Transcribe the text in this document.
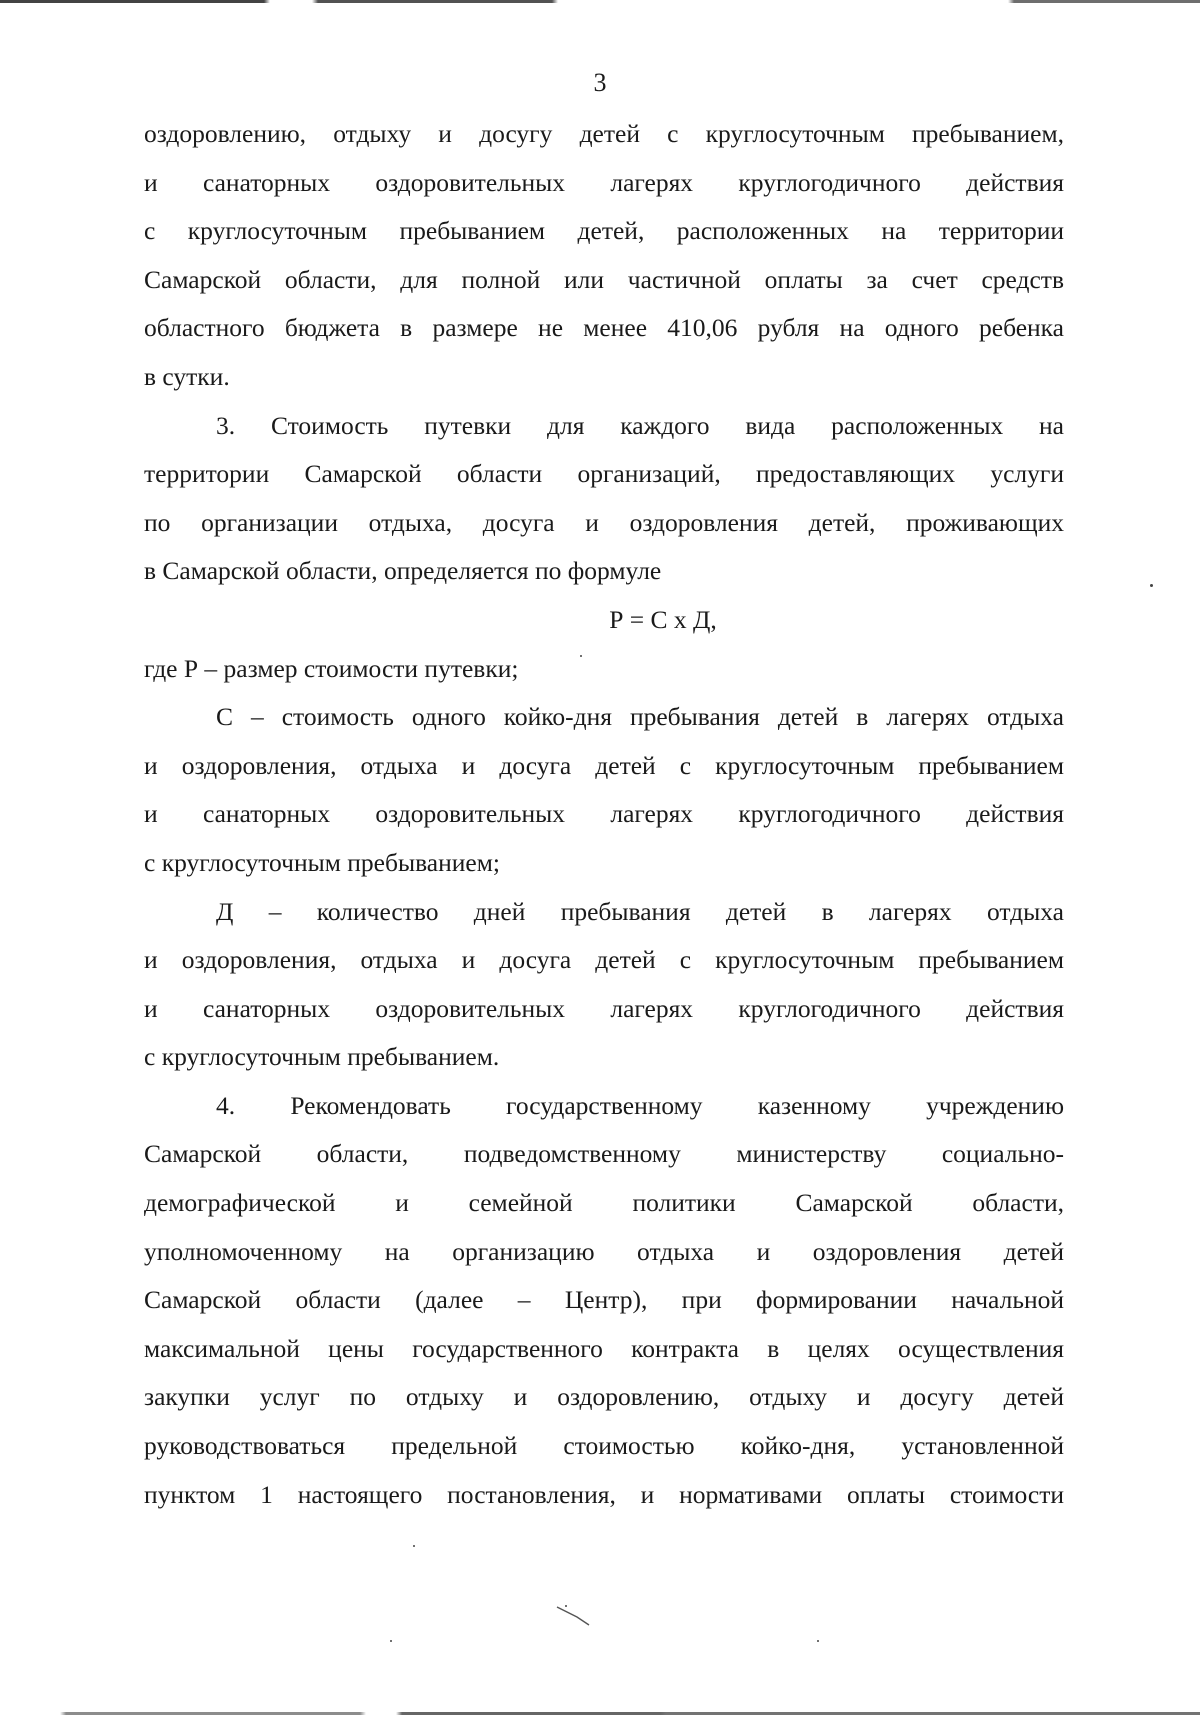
3
оздоровлению, отдыху и досугу детей с круглосуточным пребыванием,
и санаторных оздоровительных лагерях круглогодичного действия
с круглосуточным пребыванием детей, расположенных на территории
Самарской области, для полной или частичной оплаты за счет средств
областного бюджета в размере не менее 410,06 рубля на одного ребенка
в сутки.
3. Стоимость путевки для каждого вида расположенных на
территории Самарской области организаций, предоставляющих услуги
по организации отдыха, досуга и оздоровления детей, проживающих
в Самарской области, определяется по формуле
Р = С х Д,
где Р – размер стоимости путевки;
С – стоимость одного койко-дня пребывания детей в лагерях отдыха
и оздоровления, отдыха и досуга детей с круглосуточным пребыванием
и санаторных оздоровительных лагерях круглогодичного действия
с круглосуточным пребыванием;
Д – количество дней пребывания детей в лагерях отдыха
и оздоровления, отдыха и досуга детей с круглосуточным пребыванием
и санаторных оздоровительных лагерях круглогодичного действия
с круглосуточным пребыванием.
4. Рекомендовать государственному казенному учреждению
Самарской области, подведомственному министерству социально-
демографической и семейной политики Самарской области,
уполномоченному на организацию отдыха и оздоровления детей
Самарской области (далее – Центр), при формировании начальной
максимальной цены государственного контракта в целях осуществления
закупки услуг по отдыху и оздоровлению, отдыху и досугу детей
руководствоваться предельной стоимостью койко-дня, установленной
пунктом 1 настоящего постановления, и нормативами оплаты стоимости
